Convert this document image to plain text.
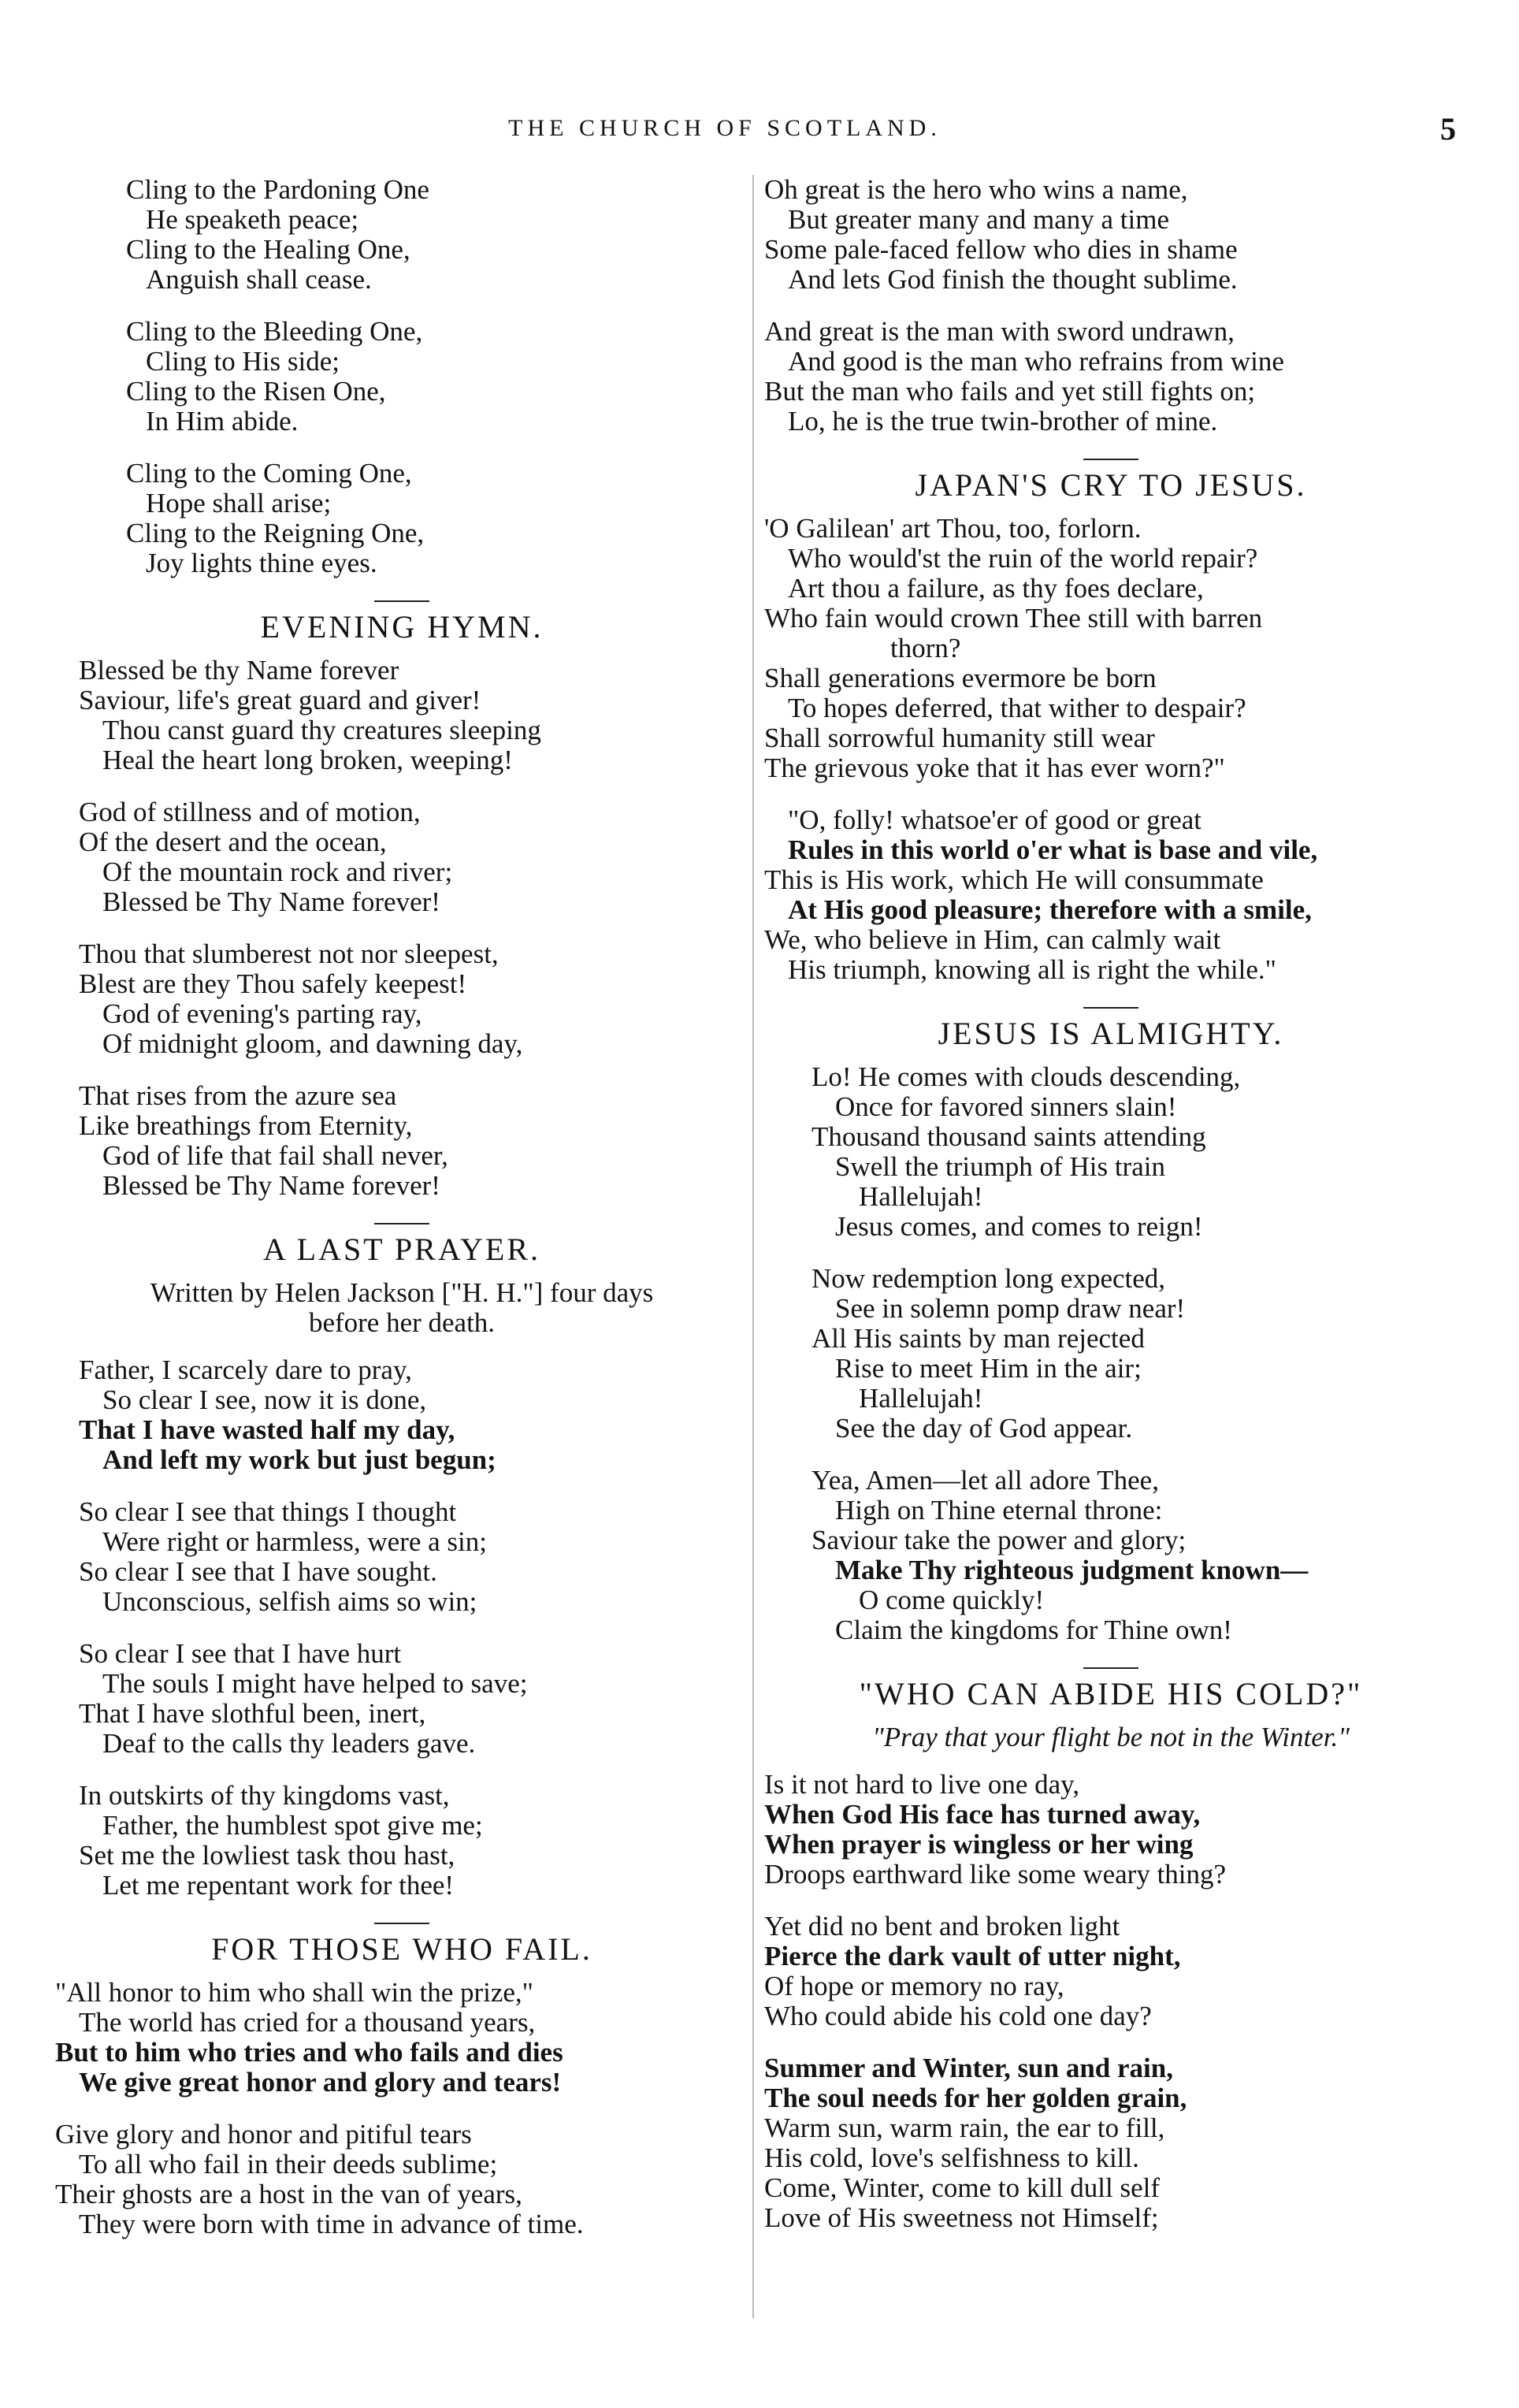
THE CHURCH OF SCOTLAND.	5
Cling to the Pardoning One
He speaketh peace;
Cling to the Healing One,
Anguish shall cease.
Cling to the Bleeding One,
Cling to His side;
Cling to the Risen One,
In Him abide.
Cling to the Coming One,
Hope shall arise;
Cling to the Reigning One,
Joy lights thine eyes.
EVENING HYMN.
Blessed be thy Name forever
Saviour, life's great guard and giver!
Thou canst guard thy creatures sleeping
Heal the heart long broken, weeping!
God of stillness and of motion,
Of the desert and the ocean,
Of the mountain rock and river;
Blessed be Thy Name forever!
Thou that slumberest not nor sleepest,
Blest are they Thou safely keepest!
God of evening's parting ray,
Of midnight gloom, and dawning day,
That rises from the azure sea
Like breathings from Eternity,
God of life that fail shall never,
Blessed be Thy Name forever!
A LAST PRAYER.
Written by Helen Jackson ["H. H."] four days
before her death.
Father, I scarcely dare to pray,
So clear I see, now it is done,
That I have wasted half my day,
And left my work but just begun;
So clear I see that things I thought
Were right or harmless, were a sin;
So clear I see that I have sought.
Unconscious, selfish aims so win;
So clear I see that I have hurt
The souls I might have helped to save;
That I have slothful been, inert,
Deaf to the calls thy leaders gave.
In outskirts of thy kingdoms vast,
Father, the humblest spot give me;
Set me the lowliest task thou hast,
Let me repentant work for thee!
FOR THOSE WHO FAIL.
"All honor to him who shall win the prize,"
The world has cried for a thousand years,
But to him who tries and who fails and dies
We give great honor and glory and tears!
Give glory and honor and pitiful tears
To all who fail in their deeds sublime;
Their ghosts are a host in the van of years,
They were born with time in advance of time.
Oh great is the hero who wins a name,
But greater many and many a time
Some pale-faced fellow who dies in shame
And lets God finish the thought sublime.
And great is the man with sword undrawn,
And good is the man who refrains from wine
But the man who fails and yet still fights on;
Lo, he is the true twin-brother of mine.
JAPAN'S CRY TO JESUS.
'O Galilean' art Thou, too, forlorn.
Who would'st the ruin of the world repair?
Art thou a failure, as thy foes declare,
Who fain would crown Thee still with barren
thorn?
Shall generations evermore be born
To hopes deferred, that wither to despair?
Shall sorrowful humanity still wear
The grievous yoke that it has ever worn?"
"O, folly! whatsoe'er of good or great
Rules in this world o'er what is base and vile,
This is His work, which He will consummate
At His good pleasure; therefore with a smile,
We, who believe in Him, can calmly wait
His triumph, knowing all is right the while."
JESUS IS ALMIGHTY.
Lo! He comes with clouds descending,
Once for favored sinners slain!
Thousand thousand saints attending
Swell the triumph of His train
Hallelujah!
Jesus comes, and comes to reign!
Now redemption long expected,
See in solemn pomp draw near!
All His saints by man rejected
Rise to meet Him in the air;
Hallelujah!
See the day of God appear.
Yea, Amen—let all adore Thee,
High on Thine eternal throne:
Saviour take the power and glory;
Make Thy righteous judgment known—
O come quickly!
Claim the kingdoms for Thine own!
"WHO CAN ABIDE HIS COLD?"
"Pray that your flight be not in the Winter."
Is it not hard to live one day,
When God His face has turned away,
When prayer is wingless or her wing
Droops earthward like some weary thing?
Yet did no bent and broken light
Pierce the dark vault of utter night,
Of hope or memory no ray,
Who could abide his cold one day?
Summer and Winter, sun and rain,
The soul needs for her golden grain,
Warm sun, warm rain, the ear to fill,
His cold, love's selfishness to kill.
Come, Winter, come to kill dull self
Love of His sweetness not Himself;
